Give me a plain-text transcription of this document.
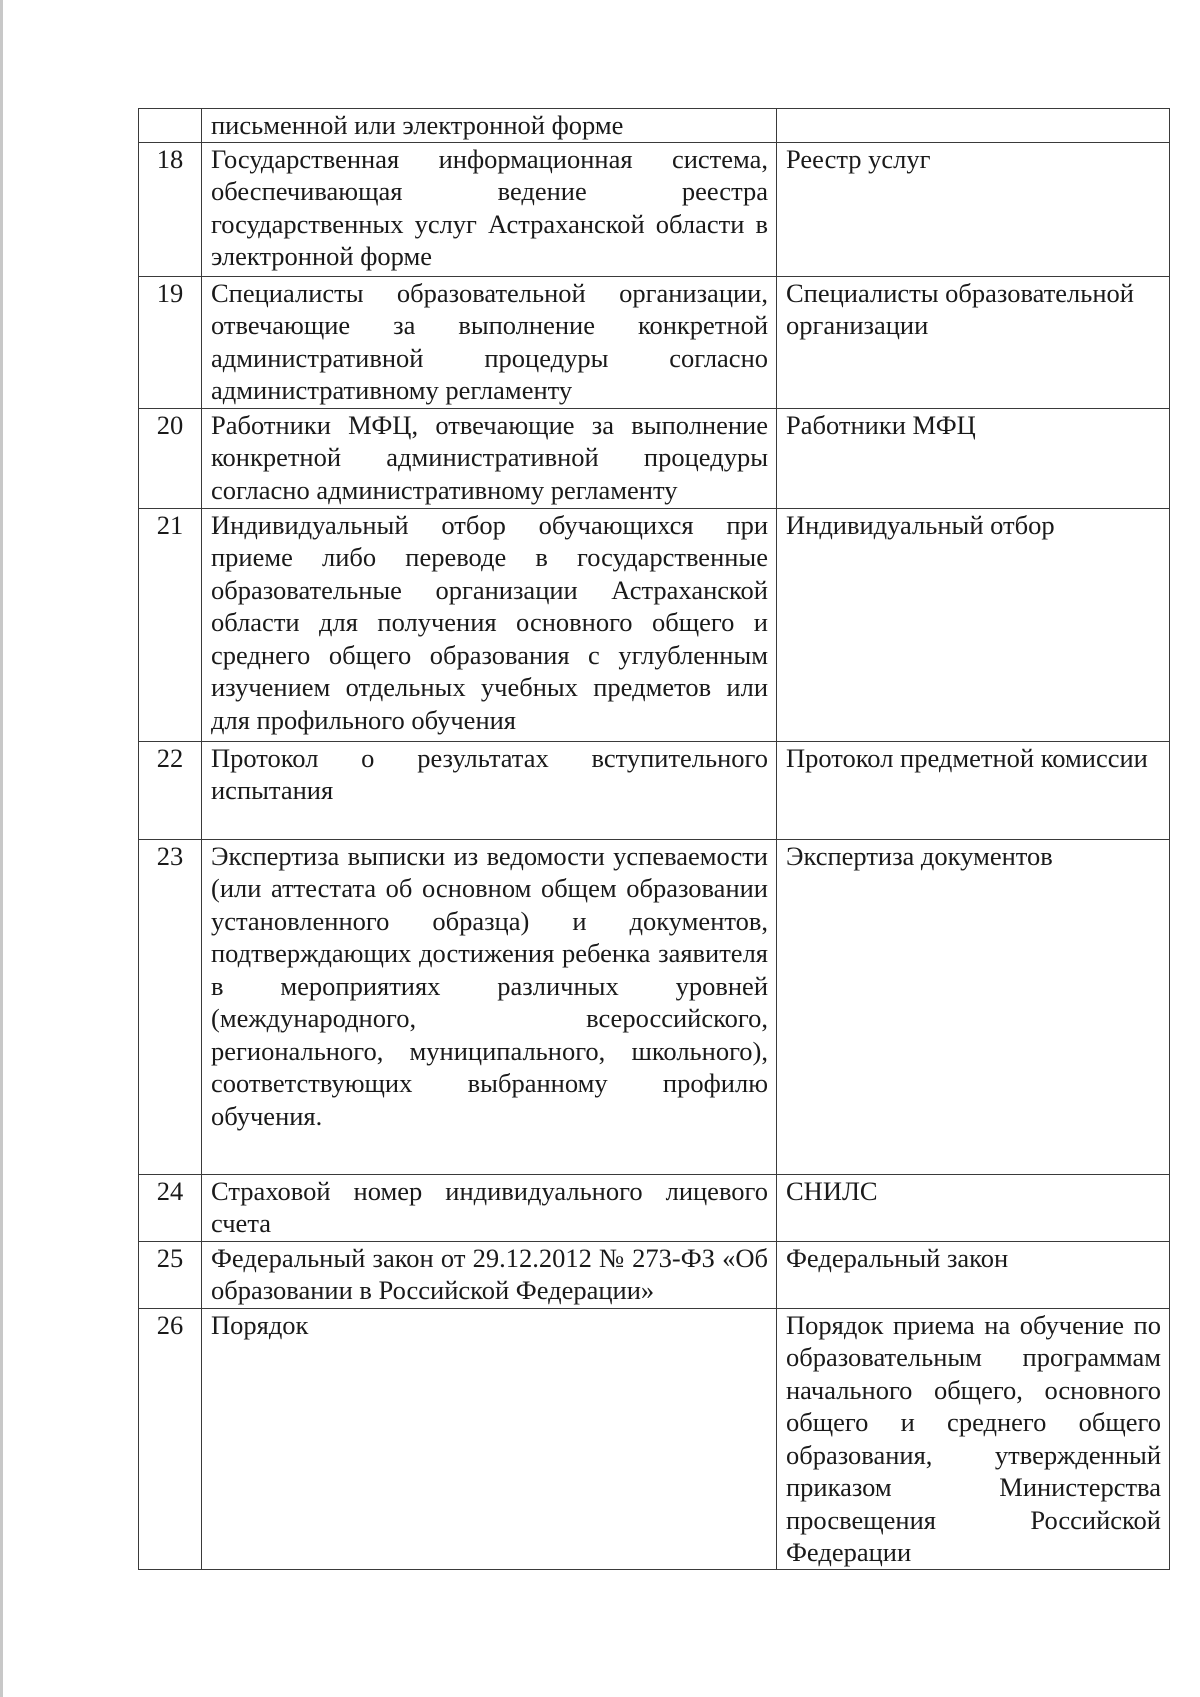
	письменной или электронной форме	
18	Государственная информационная система, обеспечивающая ведение реестра государственных услуг Астраханской области в электронной форме	Реестр услуг
19	Специалисты образовательной организации, отвечающие за выполнение конкретной административной процедуры согласно административному регламенту	Специалисты образовательной организации
20	Работники МФЦ, отвечающие за выполнение конкретной административной процедуры согласно административному регламенту	Работники МФЦ
21	Индивидуальный отбор обучающихся при приеме либо переводе в государственные образовательные организации Астраханской области для получения основного общего и среднего общего образования с углубленным изучением отдельных учебных предметов или для профильного обучения	Индивидуальный отбор
22	Протокол о результатах вступительного испытания	Протокол предметной комиссии
23	Экспертиза выписки из ведомости успеваемости (или аттестата об основном общем образовании установленного образца) и документов, подтверждающих достижения ребенка заявителя в мероприятиях различных уровней (международного, всероссийского, регионального, муниципального, школьного), соответствующих выбранному профилю обучения.	Экспертиза документов
24	Страховой номер индивидуального лицевого счета	СНИЛС
25	Федеральный закон от 29.12.2012 № 273-ФЗ «Об образовании в Российской Федерации»	Федеральный закон
26	Порядок	Порядок приема на обучение по образовательным программам начального общего, основного общего и среднего общего образования, утвержденный приказом Министерства просвещения Российской Федерации
